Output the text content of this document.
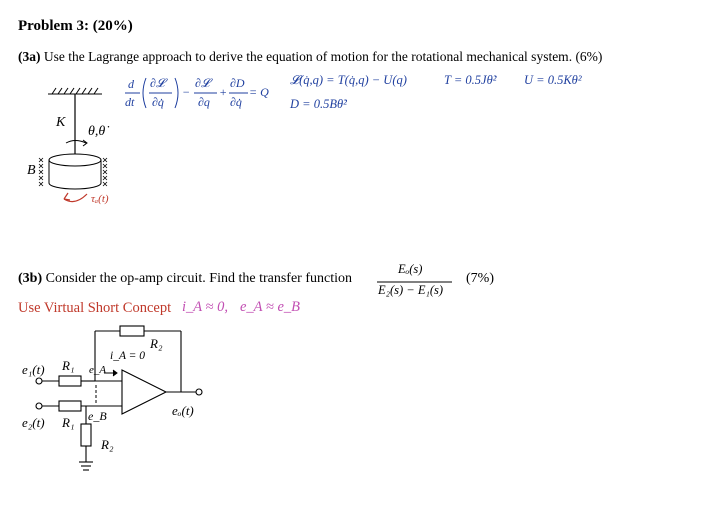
Problem 3: (20%)
(3a) Use the Lagrange approach to derive the equation of motion for the rotational mechanical system. (6%)
d
dt
∂𝓛
∂q̇
−
∂𝓛
∂q
+
∂D
∂q̇
= Q
𝓛(q̇,q) = T(q̇,q) − U(q)	T = 0.5Jθ̇² U = 0.5Kθ²
D = 0.5Bθ̇²
K
θ,θ̇
B
τₐ(t)
(3b) Consider the op-amp circuit. Find the transfer function
Eₒ(s)
E₂(s) − E₁(s)
(7%)
Use Virtual Short Concept i_A ≈ 0, e_A ≈ e_B
R₂
i_A = 0
e₁(t) R₁ e_A
e_B	eₒ(t)
e₂(t) R₁
R₂
